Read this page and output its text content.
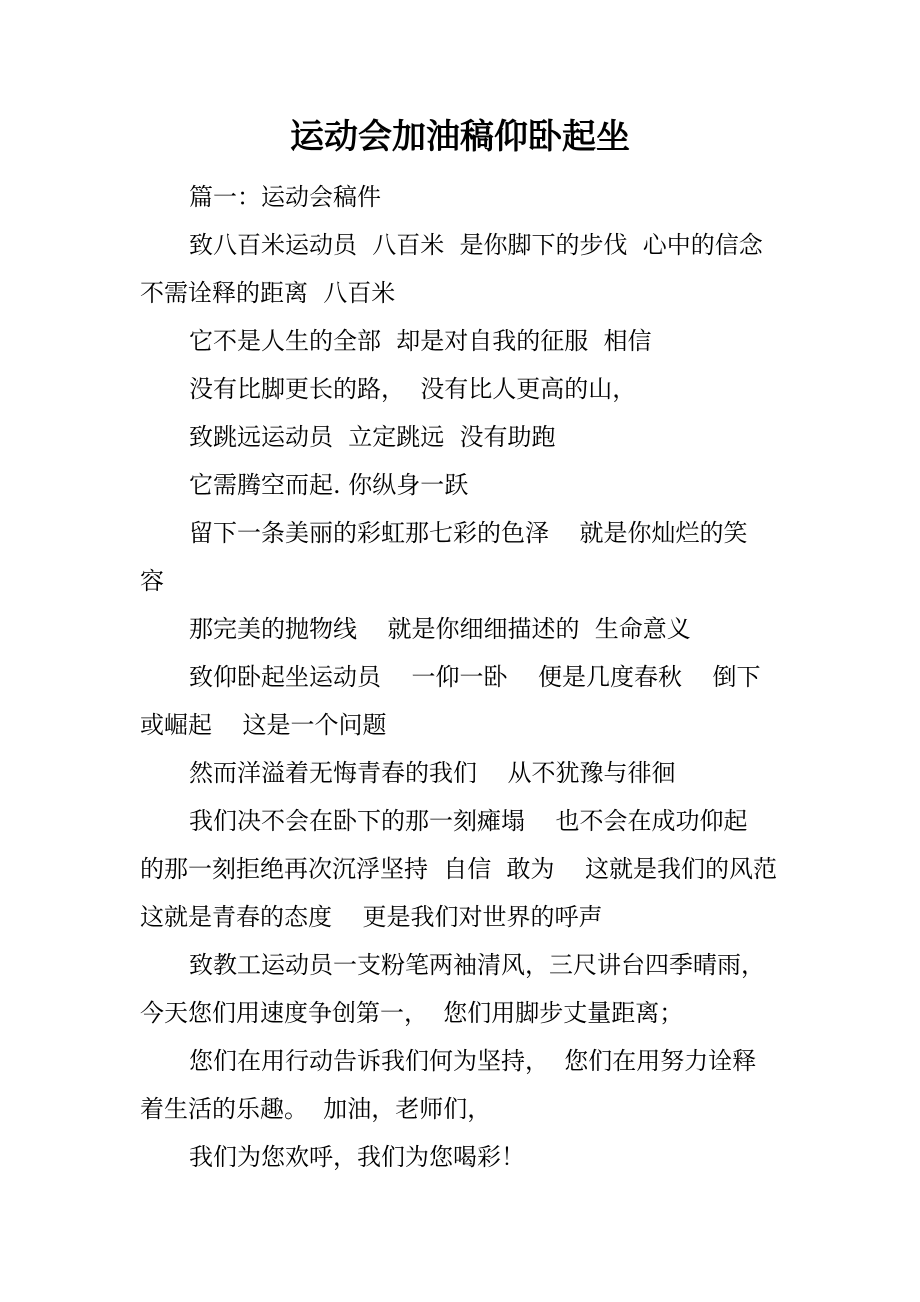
运动会加油稿仰卧起坐
篇一：运动会稿件
致八百米运动员  八百米  是你脚下的步伐  心中的信念
不需诠释的距离  八百米
它不是人生的全部  却是对自我的征服  相信
没有比脚更长的路，  没有比人更高的山，
致跳远运动员  立定跳远  没有助跑
它需腾空而起. 你纵身一跃
留下一条美丽的彩虹那七彩的色泽    就是你灿烂的笑
容
那完美的抛物线    就是你细细描述的  生命意义
致仰卧起坐运动员    一仰一卧    便是几度春秋    倒下
或崛起    这是一个问题
然而洋溢着无悔青春的我们    从不犹豫与徘徊
我们决不会在卧下的那一刻瘫塌    也不会在成功仰起
的那一刻拒绝再次沉浮坚持  自信  敢为    这就是我们的风范
这就是青春的态度    更是我们对世界的呼声
致教工运动员一支粉笔两袖清风，三尺讲台四季晴雨，
今天您们用速度争创第一，  您们用脚步丈量距离；
您们在用行动告诉我们何为坚持，  您们在用努力诠释
着生活的乐趣。  加油，老师们，
我们为您欢呼，我们为您喝彩！
